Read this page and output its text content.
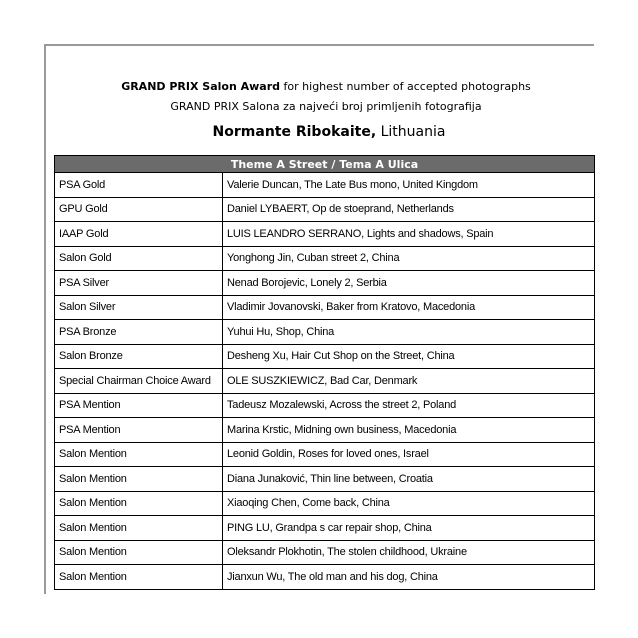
GRAND PRIX Salon Award for highest number of accepted photographs
GRAND PRIX Salona za najveći broj primljenih fotografija
Normante Ribokaite, Lithuania
Theme A Street / Tema A Ulica	
PSA Gold	Valerie Duncan, The Late Bus mono, United Kingdom
GPU Gold	Daniel LYBAERT, Op de stoeprand, Netherlands
IAAP Gold	LUIS LEANDRO SERRANO, Lights and shadows, Spain
Salon Gold	Yonghong Jin, Cuban street 2, China
PSA Silver	Nenad Borojevic, Lonely 2, Serbia
Salon Silver	Vladimir Jovanovski, Baker from Kratovo, Macedonia
PSA Bronze	Yuhui Hu, Shop, China
Salon Bronze	Desheng Xu, Hair Cut Shop on the Street, China
Special Chairman Choice Award	OLE SUSZKIEWICZ, Bad Car, Denmark
PSA Mention	Tadeusz Mozalewski, Across the street 2, Poland
PSA Mention	Marina Krstic, Midning own business, Macedonia
Salon Mention	Leonid Goldin, Roses for loved ones, Israel
Salon Mention	Diana Junaković, Thin line between, Croatia
Salon Mention	Xiaoqing Chen, Come back, China
Salon Mention	PING LU, Grandpa s car repair shop, China
Salon Mention	Oleksandr Plokhotin, The stolen childhood, Ukraine
Salon Mention	Jianxun Wu, The old man and his dog, China
